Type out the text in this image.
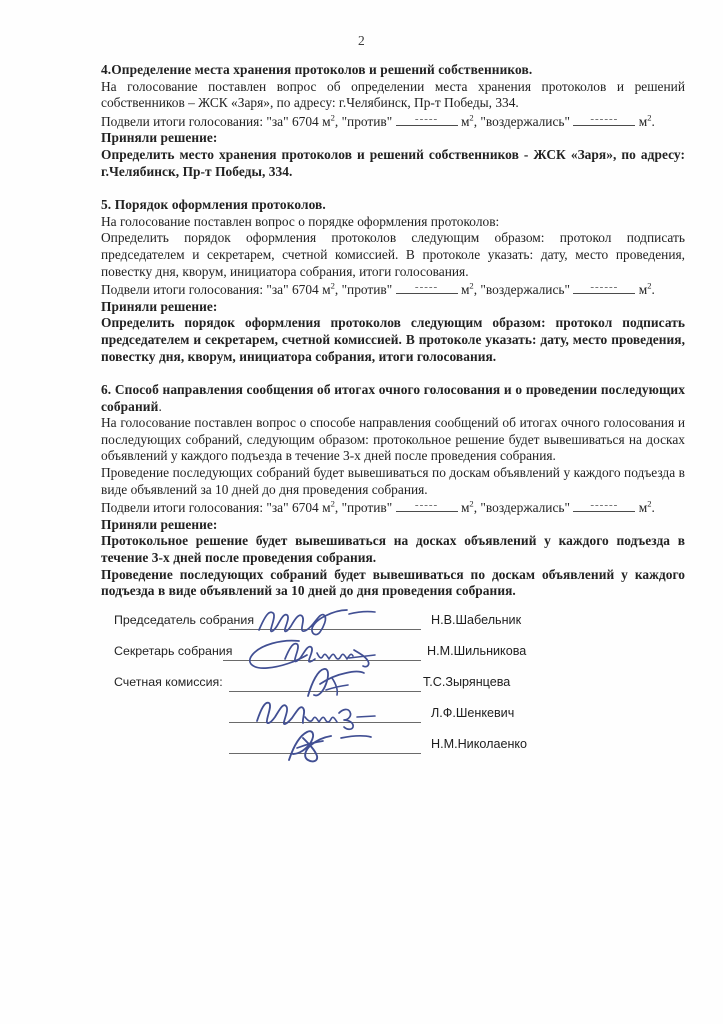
2

4.Определение места хранения протоколов и решений собственников.

На голосование поставлен вопрос об определении места хранения протоколов и решений собственников – ЖСК «Заря», по адресу: г.Челябинск, Пр-т Победы, 334.

Подвели итоги голосования: "за" 6704 $м^2$, "против" ----- $м^2$, "воздержались" ------ $м^2$.

Приняли решение:

Определить место хранения протоколов и решений собственников - ЖСК «Заря», по адресу: г.Челябинск, Пр-т Победы, 334.

5. Порядок оформления протоколов.

На голосование поставлен вопрос о порядке оформления протоколов:

Определить порядок оформления протоколов следующим образом: протокол подписать председателем и секретарем, счетной комиссией. В протоколе указать: дату, место проведения, повестку дня, кворум, инициатора собрания, итоги голосования.

Подвели итоги голосования: "за" 6704 $м^2$, "против" ----- $м^2$, "воздержались" ------ $м^2$.

Приняли решение:

Определить порядок оформления протоколов следующим образом: протокол подписать председателем и секретарем, счетной комиссией. В протоколе указать: дату, место проведения, повестку дня, кворум, инициатора собрания, итоги голосования.

6. Способ направления сообщения об итогах очного голосования и о проведении последующих собраний.

На голосование поставлен вопрос о способе направления сообщений об итогах очного голосования и последующих собраний, следующим образом: протокольное решение будет вывешиваться на досках объявлений у каждого подъезда в течение 3-х дней после проведения собрания.

Проведение последующих собраний будет вывешиваться по доскам объявлений у каждого подъезда в виде объявлений за 10 дней до дня проведения собрания.

Подвели итоги голосования: "за" 6704 $м^2$, "против" ----- $м^2$, "воздержались" ------ $м^2$.

Приняли решение:

Протокольное решение будет вывешиваться на досках объявлений у каждого подъезда в течение 3-х дней после проведения собрания.

Проведение последующих собраний будет вывешиваться по доскам объявлений у каждого подъезда в виде объявлений за 10 дней до дня проведения собрания.

Председатель собрания	Н.В.Шабельник
Секретарь собрания	Н.М.Шильникова
Счетная комиссия:	Т.С.Зырянцева
Л.Ф.Шенкевич
Н.М.Николаенко
